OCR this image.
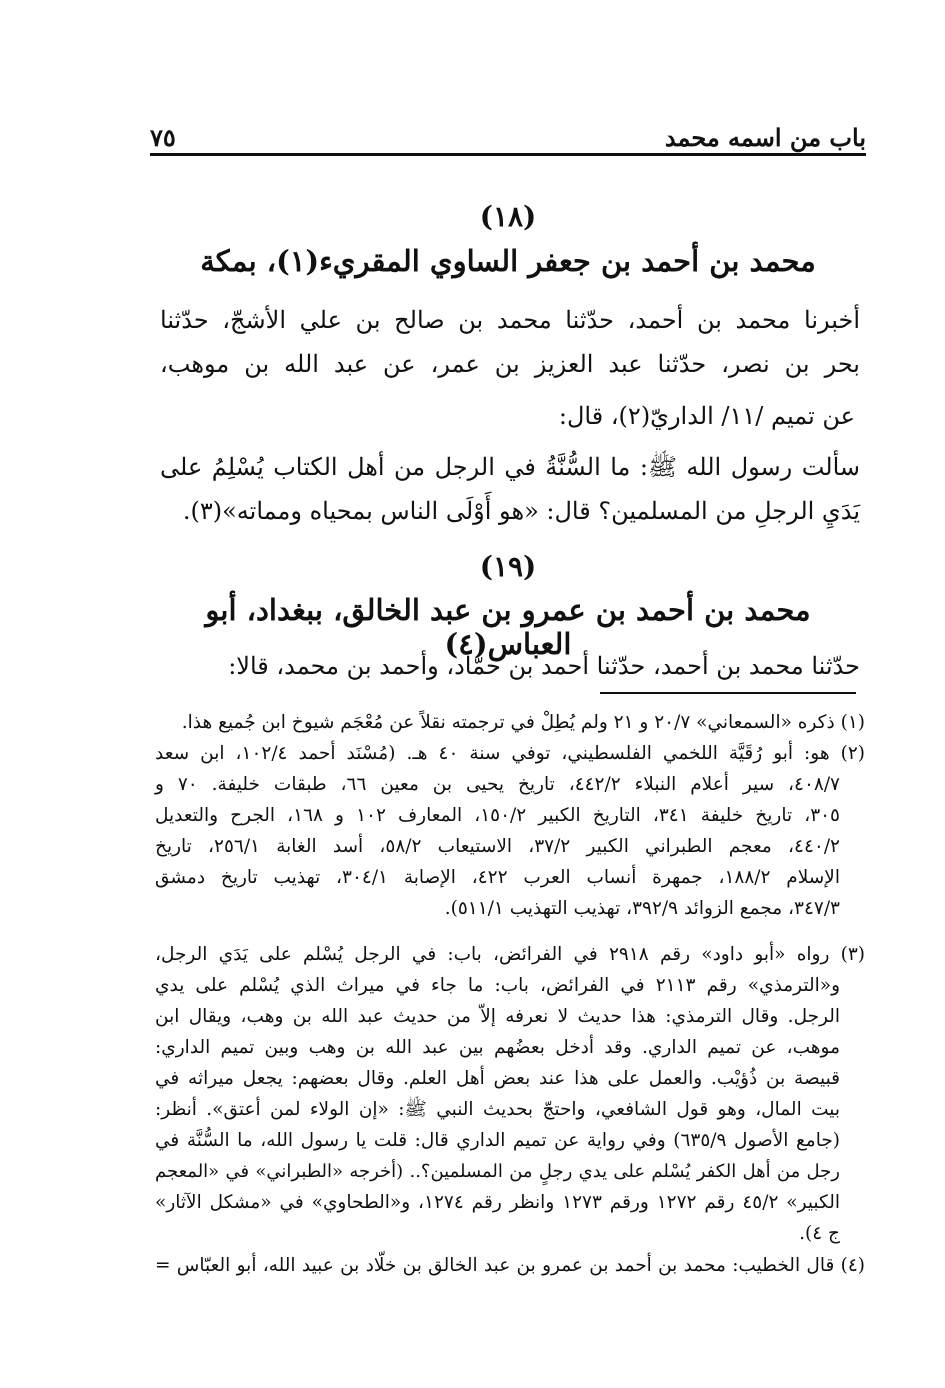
باب من اسمه محمد
٧٥
(١٨)
محمد بن أحمد بن جعفر الساوي المقريء(١)، بمكة
أخبرنا محمد بن أحمد، حدّثنا محمد بن صالح بن علي الأشجّ، حدّثنا
بحر بن نصر، حدّثنا عبد العزيز بن عمر، عن عبد الله بن موهب،
عن تميم /١١/ الداريّ(٢)، قال:
سألت رسول الله ﷺ: ما السُّنَّةُ في الرجل من أهل الكتاب يُسْلِمُ على
يَدَيِ الرجلِ من المسلمين؟ قال: «هو أَوْلَى الناس بمحياه ومماته»(٣).
(١٩)
محمد بن أحمد بن عمرو بن عبد الخالق، ببغداد، أبو العباس(٤)
حدّثنا محمد بن أحمد، حدّثنا أحمد بن حمّاد، وأحمد بن محمد، قالا:
(١) ذكره «السمعاني» ٢٠/٧ و ٢١ ولم يُطِلْ في ترجمته نقلاً عن مُعْجَم شيوخ ابن جُميع هذا.
(٢) هو: أبو رُقَيَّة اللخمي الفلسطيني، توفي سنة ٤٠ هـ. (مُسْنَد أحمد ١٠٢/٤، ابن سعد
٤٠٨/٧، سير أعلام النبلاء ٤٤٢/٢، تاريخ يحيى بن معين ٦٦، طبقات خليفة. ٧٠ و
٣٠٥، تاريخ خليفة ٣٤١، التاريخ الكبير ١٥٠/٢، المعارف ١٠٢ و ١٦٨، الجرح والتعديل
٤٤٠/٢، معجم الطبراني الكبير ٣٧/٢، الاستيعاب ٥٨/٢، أسد الغابة ٢٥٦/١، تاريخ
الإسلام ١٨٨/٢، جمهرة أنساب العرب ٤٢٢، الإصابة ٣٠٤/١، تهذيب تاريخ دمشق
٣٤٧/٣، مجمع الزوائد ٣٩٢/٩، تهذيب التهذيب ٥١١/١).
(٣) رواه «أبو داود» رقم ٢٩١٨ في الفرائض، باب: في الرجل يُسْلم على يَدَي الرجل،
و«الترمذي» رقم ٢١١٣ في الفرائض، باب: ما جاء في ميراث الذي يُسْلم على يدي
الرجل. وقال الترمذي: هذا حديث لا نعرفه إلاّ من حديث عبد الله بن وهب، ويقال ابن
موهب، عن تميم الداري. وقد أدخل بعضُهم بين عبد الله بن وهب وبين تميم الداري:
قبيصة بن ذُؤيْب. والعمل على هذا عند بعض أهل العلم. وقال بعضهم: يجعل ميراثه في
بيت المال، وهو قول الشافعي، واحتجّ بحديث النبي ﷺ: «إن الولاء لمن أعتق». أنظر:
(جامع الأصول ٦٣٥/٩) وفي رواية عن تميم الداري قال: قلت يا رسول الله، ما السُّنَّة في
رجل من أهل الكفر يُسْلم على يدي رجلٍ من المسلمين؟.. (أخرجه «الطبراني» في «المعجم
الكبير» ٤٥/٢ رقم ١٢٧٢ ورقم ١٢٧٣ وانظر رقم ١٢٧٤، و«الطحاوي» في «مشكل الآثار»
ج ٤).
(٤) قال الخطيب: محمد بن أحمد بن عمرو بن عبد الخالق بن خلّاد بن عبيد الله، أبو العبّاس =
